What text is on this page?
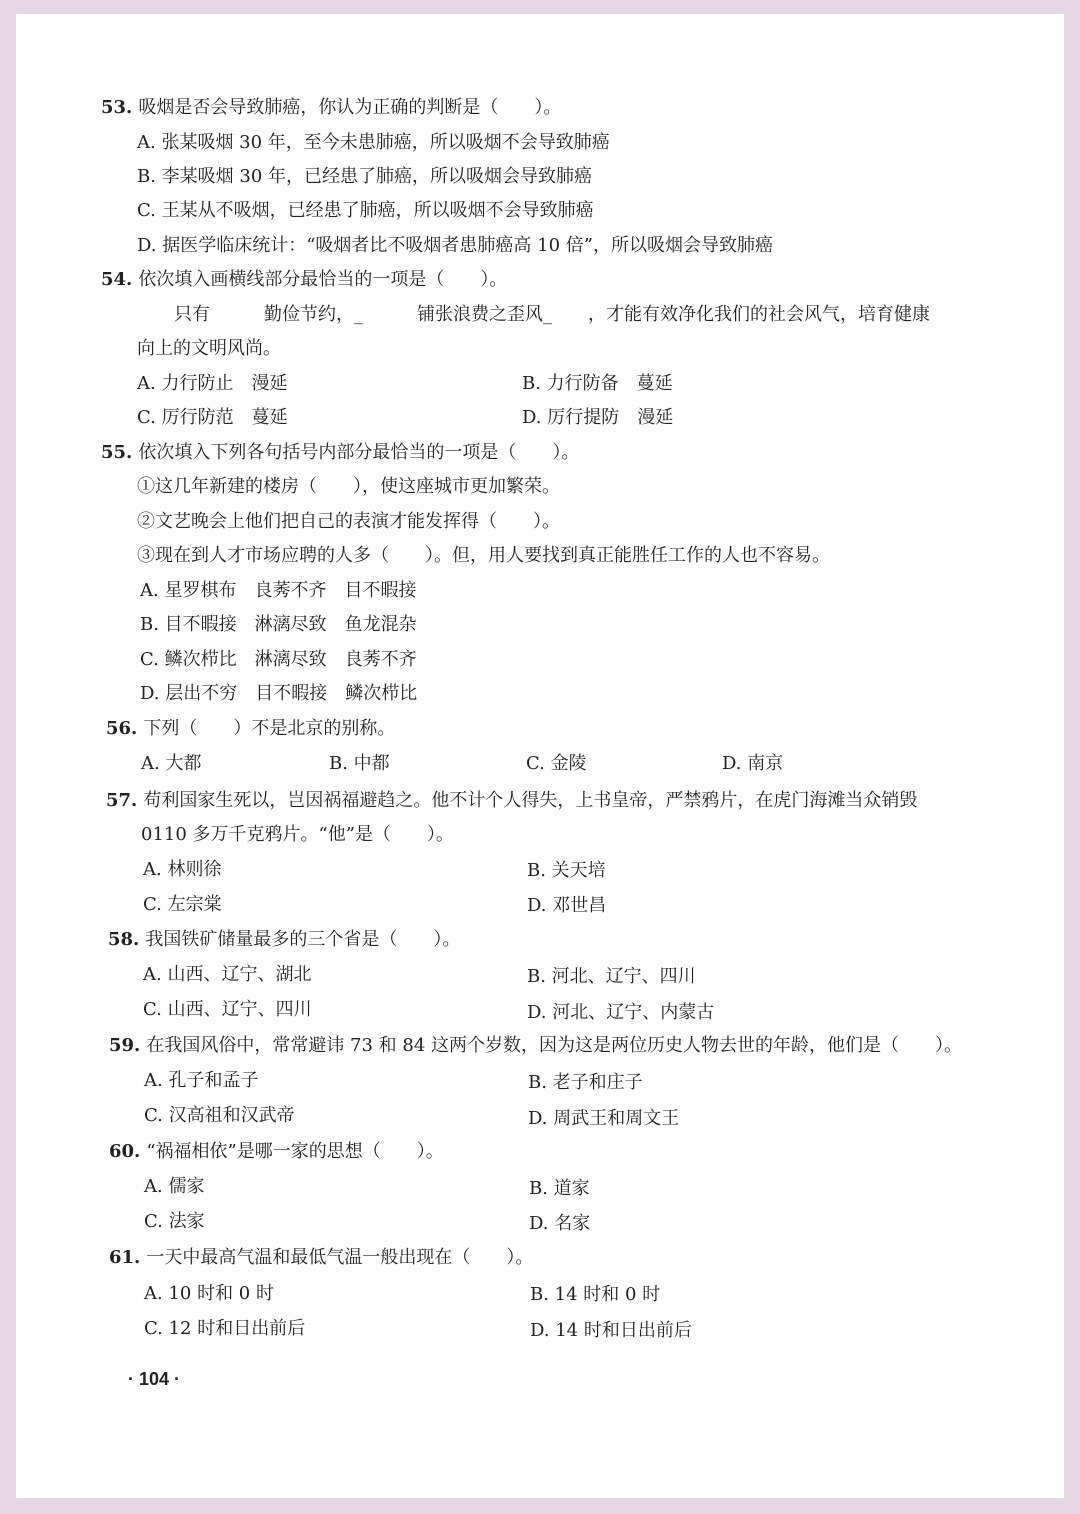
53. 吸烟是否会导致肺癌，你认为正确的判断是（　　）。
A. 张某吸烟 30 年，至今未患肺癌，所以吸烟不会导致肺癌
B. 李某吸烟 30 年，已经患了肺癌，所以吸烟会导致肺癌
C. 王某从不吸烟，已经患了肺癌，所以吸烟不会导致肺癌
D. 据医学临床统计：“吸烟者比不吸烟者患肺癌高 10 倍”，所以吸烟会导致肺癌
54. 依次填入画横线部分最恰当的一项是（　　）。
只有　　　勤俭节约，_　　　铺张浪费之歪风_　　，才能有效净化我们的社会风气，培育健康
向上的文明风尚。
A. 力行防止　漫延	B. 力行防备　蔓延
C. 厉行防范　蔓延	D. 厉行提防　漫延
55. 依次填入下列各句括号内部分最恰当的一项是（　　）。
①这几年新建的楼房（　　），使这座城市更加繁荣。
②文艺晚会上他们把自己的表演才能发挥得（　　）。
③现在到人才市场应聘的人多（　　）。但，用人要找到真正能胜任工作的人也不容易。
A. 星罗棋布　良莠不齐　目不暇接
B. 目不暇接　淋漓尽致　鱼龙混杂
C. 鳞次栉比　淋漓尽致　良莠不齐
D. 层出不穷　目不暇接　鳞次栉比
56. 下列（　　）不是北京的别称。
A. 大都	B. 中都	C. 金陵	D. 南京
57. 苟利国家生死以，岂因祸福避趋之。他不计个人得失，上书皇帝，严禁鸦片，在虎门海滩当众销毁
0110 多万千克鸦片。“他”是（　　）。
A. 林则徐	B. 关天培
C. 左宗棠	D. 邓世昌
58. 我国铁矿储量最多的三个省是（　　）。
A. 山西、辽宁、湖北	B. 河北、辽宁、四川
C. 山西、辽宁、四川	D. 河北、辽宁、内蒙古
59. 在我国风俗中，常常避讳 73 和 84 这两个岁数，因为这是两位历史人物去世的年龄，他们是（　　）。
A. 孔子和孟子	B. 老子和庄子
C. 汉高祖和汉武帝	D. 周武王和周文王
60. “祸福相依”是哪一家的思想（　　）。
A. 儒家	B. 道家
C. 法家	D. 名家
61. 一天中最高气温和最低气温一般出现在（　　）。
A. 10 时和 0 时	B. 14 时和 0 时
C. 12 时和日出前后	D. 14 时和日出前后
· 104 ·
